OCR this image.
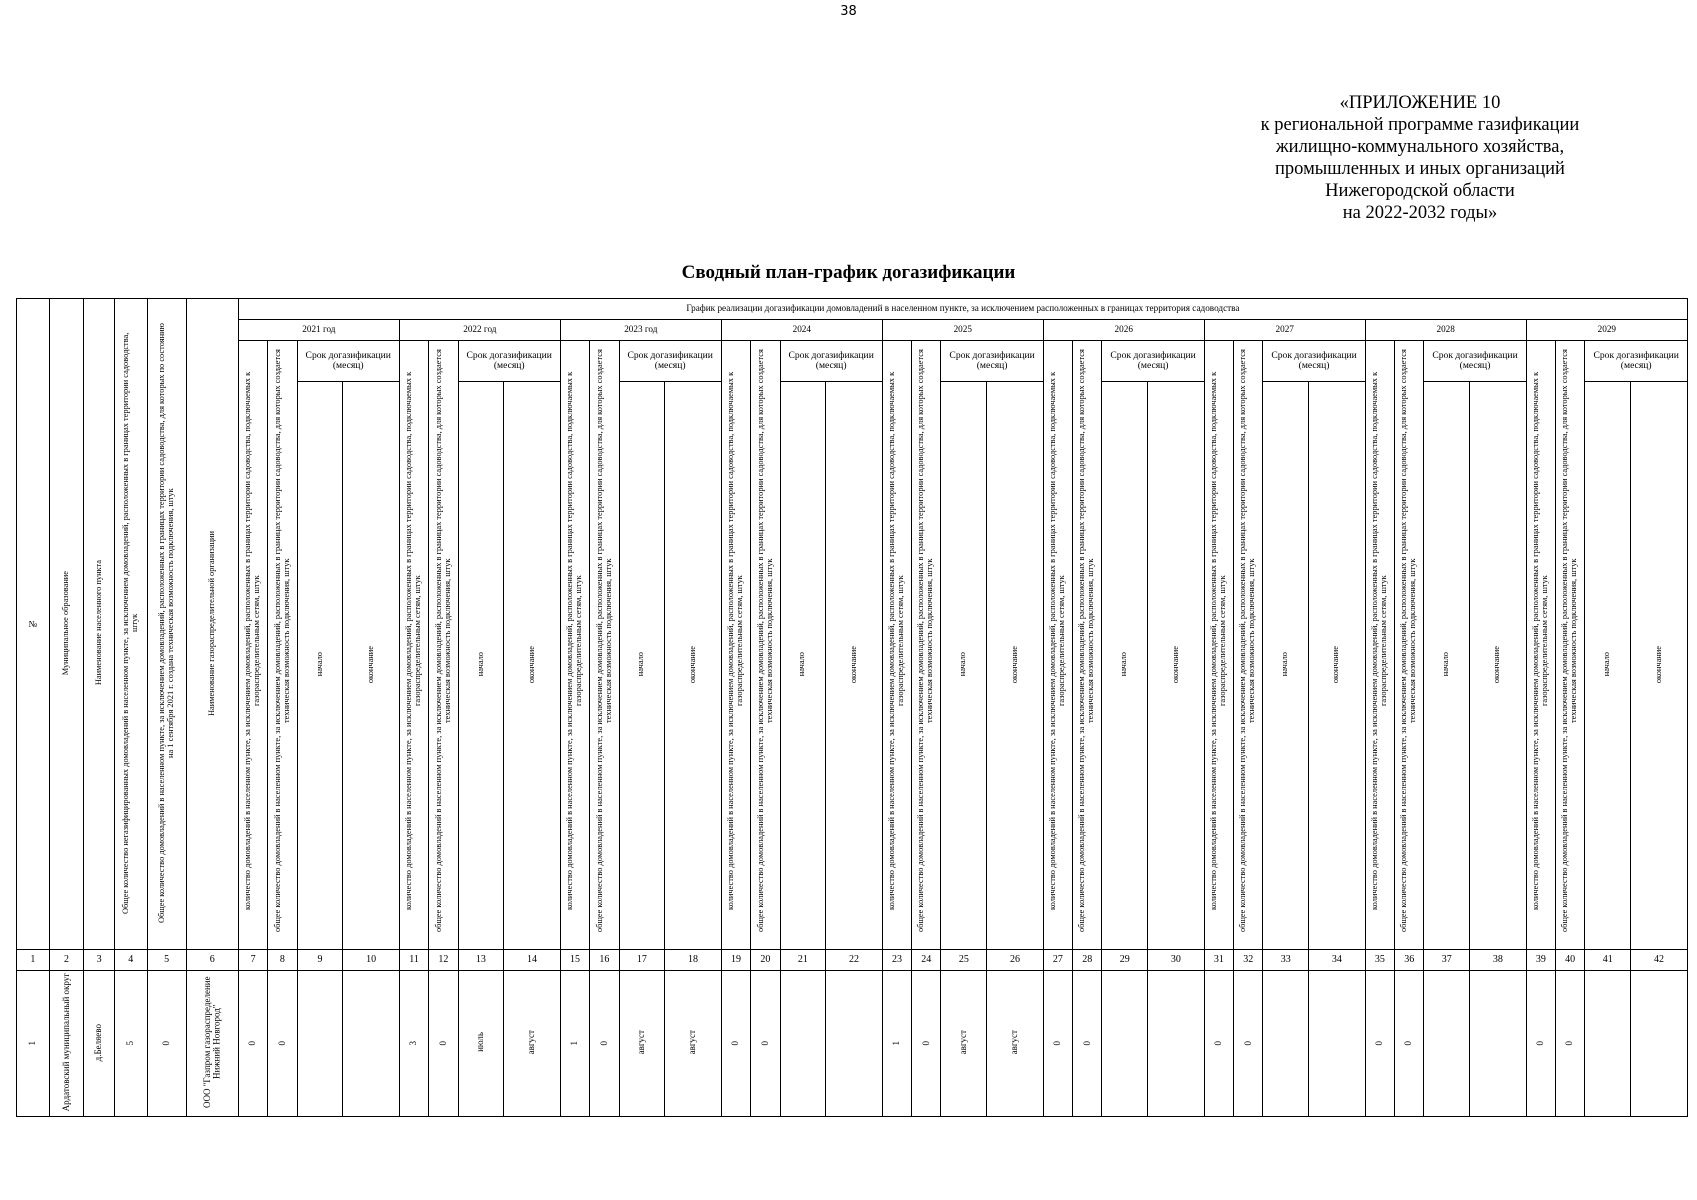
38
«ПРИЛОЖЕНИЕ 10
к региональной программе газификации
жилищно-коммунального хозяйства,
промышленных и иных организаций
Нижегородской области
на 2022-2032 годы»
Сводный план-график догазификации
№	Муниципальное образование	Наименование населенного пункта	Общее количество негазифицированных домовладений в населенном пункте, за исключением домовладений, расположенных в границах территории садоводства, штук	Общее количество домовладений в населенном пункте, за исключением домовладений, расположенных в границах территории садоводства, для которых по состоянию на 1 сентября 2021 г. создана техническая возможность подключения, штук	Наименование газораспределительной организации	График реализации догазификации домовладений в населенном пункте, за исключением расположенных в границах территория садоводства																																			
						2021 год				2022 год				2023 год				2024				2025				2026				2027				2028				2029			
						количество домовладений в населенном пункте, за исключением домовладений, расположенных в границах территории садоводства, подключаемых к газораспределительным сетям, штук	общее количество домовладений в населенном пункте, за исключением домовладений, расположенных в границах территории садоводства, для которых создается техническая возможность подключения, штук	Срок догазификации (месяц)		количество домовладений в населенном пункте, за исключением домовладений, расположенных в границах территории садоводства, подключаемых к газораспределительным сетям, штук	общее количество домовладений в населенном пункте, за исключением домовладений, расположенных в границах территории садоводства, для которых создается техническая возможность подключения, штук	Срок догазификации (месяц)		количество домовладений в населенном пункте, за исключением домовладений, расположенных в границах территории садоводства, подключаемых к газораспределительным сетям, штук	общее количество домовладений в населенном пункте, за исключением домовладений, расположенных в границах территории садоводства, для которых создается техническая возможность подключения, штук	Срок догазификации (месяц)		количество домовладений в населенном пункте, за исключением домовладений, расположенных в границах территории садоводства, подключаемых к газораспределительным сетям, штук	общее количество домовладений в населенном пункте, за исключением домовладений, расположенных в границах территории садоводства, для которых создается техническая возможность подключения, штук	Срок догазификации (месяц)		количество домовладений в населенном пункте, за исключением домовладений, расположенных в границах территории садоводства, подключаемых к газораспределительным сетям, штук	общее количество домовладений в населенном пункте, за исключением домовладений, расположенных в границах территории садоводства, для которых создается техническая возможность подключения, штук	Срок догазификации (месяц)		количество домовладений в населенном пункте, за исключением домовладений, расположенных в границах территории садоводства, подключаемых к газораспределительным сетям, штук	общее количество домовладений в населенном пункте, за исключением домовладений, расположенных в границах территории садоводства, для которых создается техническая возможность подключения, штук	Срок догазификации (месяц)		количество домовладений в населенном пункте, за исключением домовладений, расположенных в границах территории садоводства, подключаемых к газораспределительным сетям, штук	общее количество домовладений в населенном пункте, за исключением домовладений, расположенных в границах территории садоводства, для которых создается техническая возможность подключения, штук	Срок догазификации (месяц)		количество домовладений в населенном пункте, за исключением домовладений, расположенных в границах территории садоводства, подключаемых к газораспределительным сетям, штук	общее количество домовладений в населенном пункте, за исключением домовладений, расположенных в границах территории садоводства, для которых создается техническая возможность подключения, штук	Срок догазификации (месяц)		количество домовладений в населенном пункте, за исключением домовладений, расположенных в границах территории садоводства, подключаемых к газораспределительным сетям, штук	общее количество домовладений в населенном пункте, за исключением домовладений, расположенных в границах территории садоводства, для которых создается техническая возможность подключения, штук	Срок догазификации (месяц)	
								начало	окончание			начало	окончание			начало	окончание			начало	окончание			начало	окончание			начало	окончание			начало	окончание			начало	окончание			начало	окончание
1	2	3	4	5	6	7	8	9	10	11	12	13	14	15	16	17	18	19	20	21	22	23	24	25	26	27	28	29	30	31	32	33	34	35	36	37	38	39	40	41	42
1	Ардатовский муниципальный округ	д.Беляево	5	0	ООО "Газпром газораспределение Нижний Новгород"	0	0			3	0	июль	август	1	0	август	август	0	0			1	0	август	август	0	0			0	0			0	0			0	0		
